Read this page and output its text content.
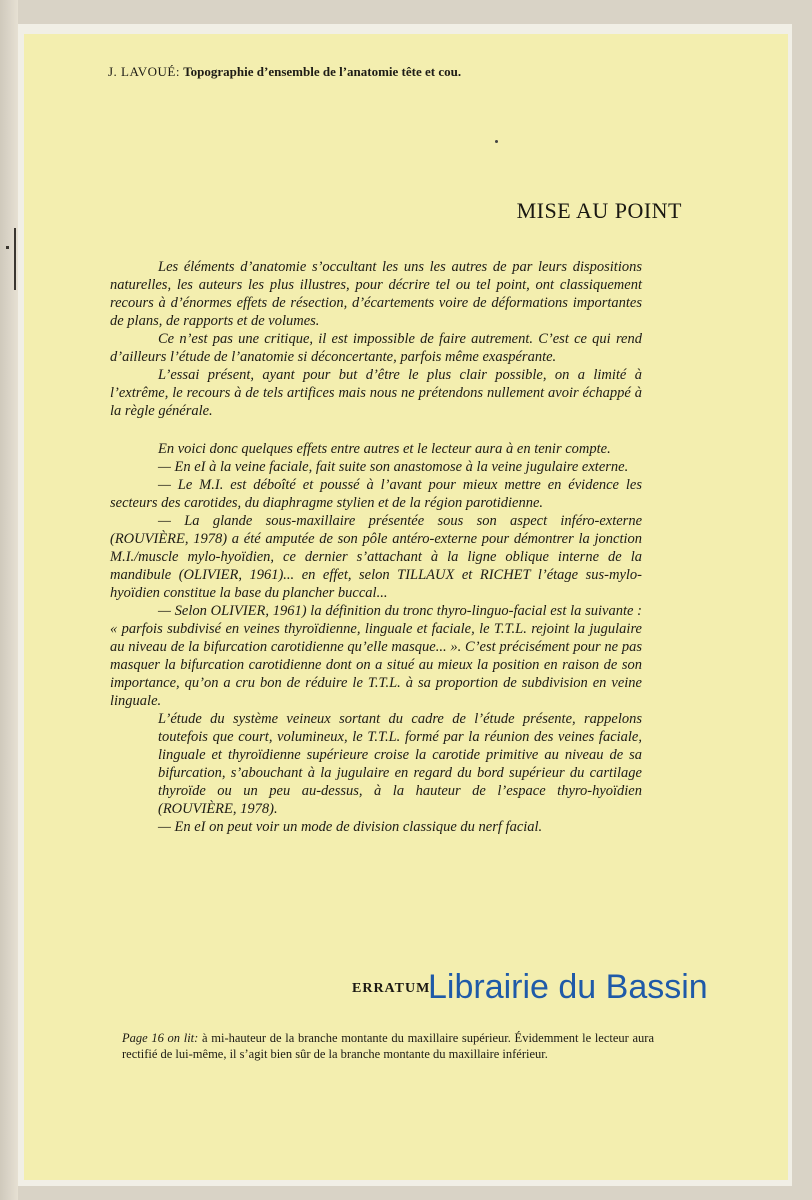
J. LAVOUÉ: Topographie d’ensemble de l’anatomie tête et cou.
MISE AU POINT

Les éléments d’anatomie s’occultant les uns les autres de par leurs dispositions naturelles, les auteurs les plus illustres, pour décrire tel ou tel point, ont classiquement recours à d’énormes effets de résection, d’écartements voire de déformations importantes de plans, de rapports et de volumes.

Ce n’est pas une critique, il est impossible de faire autrement. C’est ce qui rend d’ailleurs l’étude de l’anatomie si déconcertante, parfois même exaspérante.

L’essai présent, ayant pour but d’être le plus clair possible, on a limité à l’extrême, le recours à de tels artifices mais nous ne prétendons nullement avoir échappé à la règle générale.

En voici donc quelques effets entre autres et le lecteur aura à en tenir compte.

— En eI à la veine faciale, fait suite son anastomose à la veine jugulaire externe.

— Le M.I. est déboîté et poussé à l’avant pour mieux mettre en évidence les secteurs des carotides, du diaphragme stylien et de la région parotidienne.

— La glande sous-maxillaire présentée sous son aspect inféro-externe (ROUVIÈRE, 1978) a été amputée de son pôle antéro-externe pour démontrer la jonction M.I./muscle mylo-hyoïdien, ce dernier s’attachant à la ligne oblique interne de la mandibule (OLIVIER, 1961)... en effet, selon TILLAUX et RICHET l’étage sus-mylo-hyoïdien constitue la base du plancher buccal...

— Selon OLIVIER, 1961) la définition du tronc thyro-linguo-facial est la suivante : « parfois subdivisé en veines thyroïdienne, linguale et faciale, le T.T.L. rejoint la jugulaire au niveau de la bifurcation carotidienne qu’elle masque... ». C’est précisément pour ne pas masquer la bifurcation carotidienne dont on a situé au mieux la position en raison de son importance, qu’on a cru bon de réduire le T.T.L. à sa proportion de subdivision en veine linguale.

L’étude du système veineux sortant du cadre de l’étude présente, rappelons toutefois que court, volumineux, le T.T.L. formé par la réunion des veines faciale, linguale et thyroïdienne supérieure croise la carotide primitive au niveau de sa bifurcation, s’abouchant à la jugulaire en regard du bord supérieur du cartilage thyroïde ou un peu au-dessus, à la hauteur de l’espace thyro-hyoïdien (ROUVIÈRE, 1978).

— En eI on peut voir un mode de division classique du nerf facial.

ERRATUM
Librairie du Bassin
Page 16 on lit: à mi-hauteur de la branche montante du maxillaire supérieur. Évidemment le lecteur aura rectifié de lui-même, il s’agit bien sûr de la branche montante du maxillaire inférieur.
